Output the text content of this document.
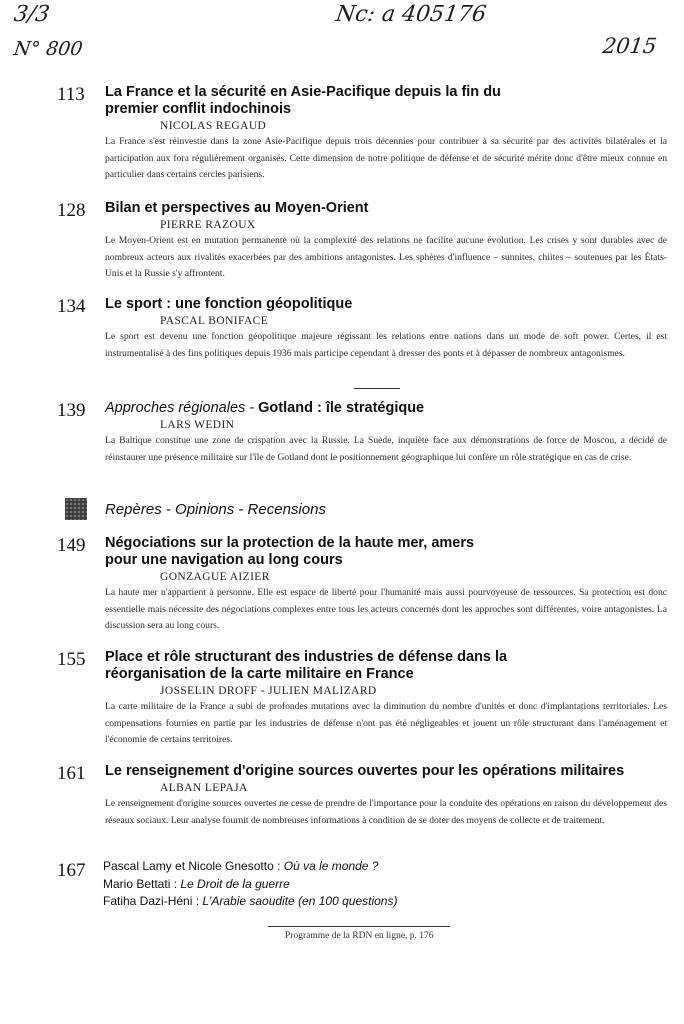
3/3	Nc: a 405176
N° 800	2015
113 La France et la sécurité en Asie-Pacifique depuis la fin du premier conflit indochinois
NICOLAS REGAUD
La France s'est réinvestie dans la zone Asie-Pacifique depuis trois décennies pour contribuer à sa sécurité par des activités bilatérales et la participation aux fora régulièrement organisés. Cette dimension de notre politique de défense et de sécurité mérite donc d'être mieux connue en particulier dans certains cercles parisiens.
128 Bilan et perspectives au Moyen-Orient
PIERRE RAZOUX
Le Moyen-Orient est en mutation permanente où la complexité des relations ne facilite aucune évolution. Les crises y sont durables avec de nombreux acteurs aux rivalités exacerbées par des ambitions antagonistes. Les sphères d'influence – sunnites, chiites – soutenues par les États-Unis et la Russie s'y affrontent.
134 Le sport : une fonction géopolitique
PASCAL BONIFACE
Le sport est devenu une fonction géopolitique majeure régissant les relations entre nations dans un mode de soft power. Certes, il est instrumentalisé à des fins politiques depuis 1936 mais participe cependant à dresser des ponts et à dépasser de nombreux antagonismes.
139 Approches régionales - Gotland : île stratégique
LARS WEDIN
La Baltique constitue une zone de crispation avec la Russie. La Suède, inquiète face aux démonstrations de force de Moscou, a décidé de réinstaurer une présence militaire sur l'île de Gotland dont le positionnement géographique lui confère un rôle stratégique en cas de crise.
Repères - Opinions - Recensions
149 Négociations sur la protection de la haute mer, amers pour une navigation au long cours
GONZAGUE AIZIER
La haute mer n'appartient à personne. Elle est espace de liberté pour l'humanité mais aussi pourvoyeuse de ressources. Sa protection est donc essentielle mais nécessite des négociations complexes entre tous les acteurs concernés dont les approches sont différentes, voire antagonistes. La discussion sera au long cours.
155 Place et rôle structurant des industries de défense dans la réorganisation de la carte militaire en France
JOSSELIN DROFF - JULIEN MALIZARD
La carte militaire de la France a subi de profondes mutations avec la diminution du nombre d'unités et donc d'implantations territoriales. Les compensations fournies en partie par les industries de défense n'ont pas été négligeables et jouent un rôle structurant dans l'aménagement et l'économie de certains territoires.
161 Le renseignement d'origine sources ouvertes pour les opérations militaires
ALBAN LEPAJA
Le renseignement d'origine sources ouvertes ne cesse de prendre de l'importance pour la conduite des opérations en raison du développement des réseaux sociaux. Leur analyse fournit de nombreuses informations à condition de se doter des moyens de collecte et de traitement.
167 Pascal Lamy et Nicole Gnesotto : Où va le monde ?
Mario Bettati : Le Droit de la guerre
Fatiha Dazi-Héni : L'Arabie saoudite (en 100 questions)
Programme de la RDN en ligne, p. 176
